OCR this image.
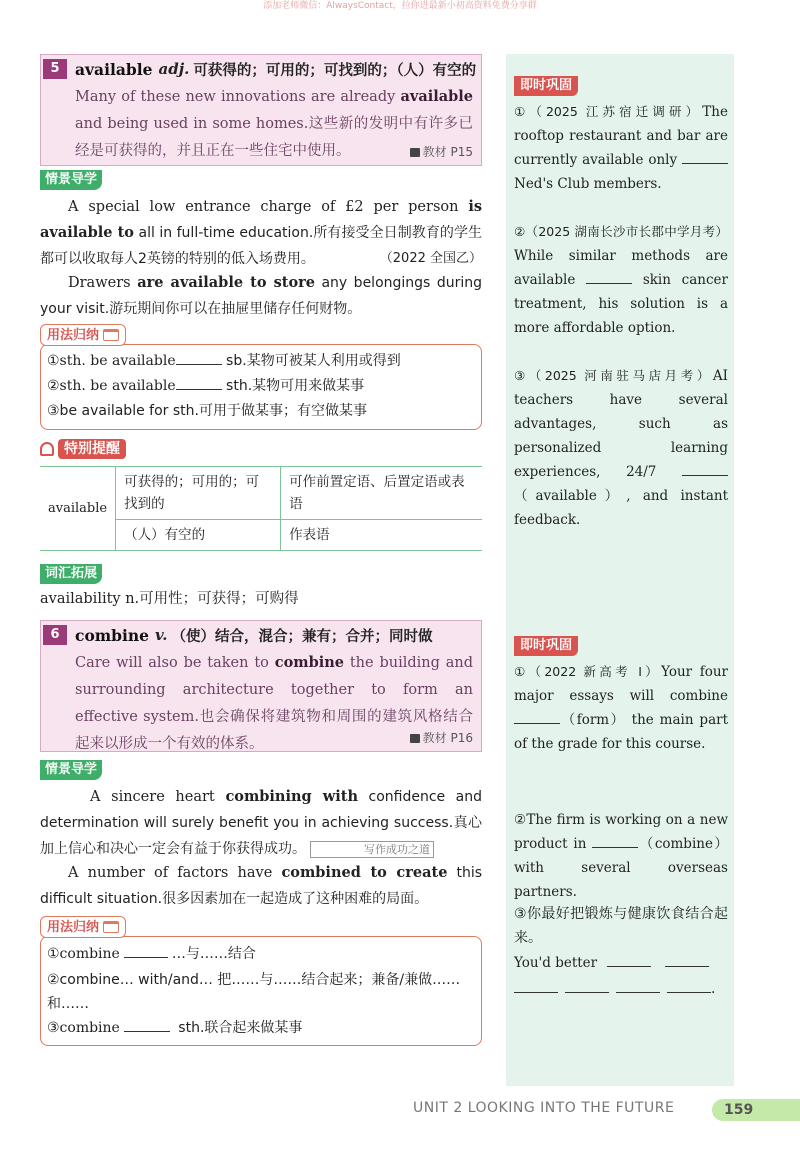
添加老师微信：AlwaysContact，拉你进最新小初高资料免费分享群
5 available adj. 可获得的；可用的；可找到的；（人）有空的
Many of these new innovations are already available and being used in some homes.这些新的发明中有许多已经是可获得的，并且正在一些住宅中使用。	教材 P15
情景导学
A special low entrance charge of £2 per person is available to all in full-time education.所有接受全日制教育的学生都可以收取每人2英镑的特别的低入场费用。	（2022 全国乙）
Drawers are available to store any belongings during your visit.游玩期间你可以在抽屉里储存任何财物。
①sth. be available	sb.某物可被某人利用或得到
②sth. be available	sth.某物可用来做某事
③be available for sth.可用于做某事；有空做某事
用法归纳
特别提醒
available	可获得的；可用的；可找到的	可作前置定语、后置定语或表语
	（人）有空的	作表语
词汇拓展
availability n.可用性；可获得；可购得
6 combine v. （使）结合，混合；兼有；合并；同时做
Care will also be taken to combine the building and surrounding architecture together to form an effective system.也会确保将建筑物和周围的建筑风格结合起来以形成一个有效的体系。	教材 P16
情景导学
A sincere heart combining with confidence and determination will surely benefit you in achieving success.真心加上信心和决心一定会有益于你获得成功。	写作成功之道
A number of factors have combined to create this difficult situation.很多因素加在一起造成了这种困难的局面。
①combine	…与……结合
②combine… with/and… 把……与……结合起来；兼备/兼做……和……
③combine	sth.联合起来做某事
用法归纳
即时巩固
①（2025 江苏宿迁调研）The rooftop restaurant and bar are currently available only  Ned's Club members.
②（2025 湖南长沙市长郡中学月考）While similar methods are available	skin cancer treatment, his solution is a more affordable option.
③（2025 河南驻马店月考）AI teachers have several advantages, such as personalized learning experiences, 24/7 （available）, and instant feedback.
即时巩固
①（2022 新高考 Ⅰ）Your four major essays will combine （form） the main part of the grade for this course.
②The firm is working on a new product in	（combine） with several overseas partners.
③你最好把锻炼与健康饮食结合起来。
You'd better
.
UNIT 2 LOOKING INTO THE FUTURE	159
